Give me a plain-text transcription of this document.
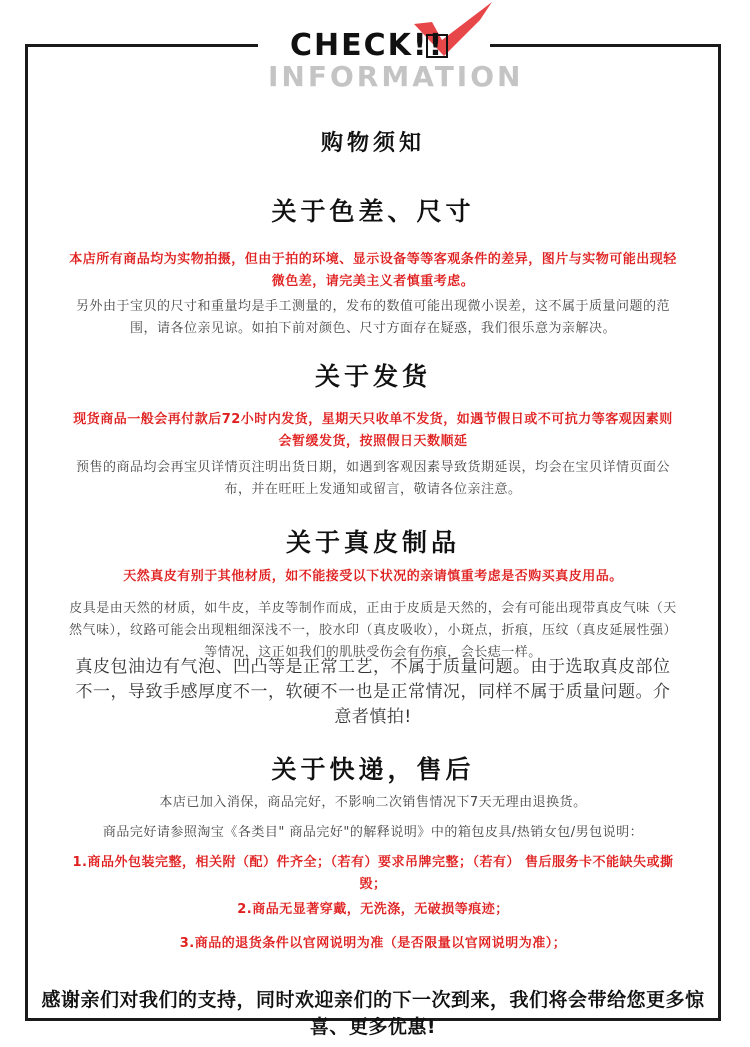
CHECK!!
INFORMATION
购物须知
关于色差、尺寸
本店所有商品均为实物拍摄，但由于拍的环境、显示设备等等客观条件的差异，图片与实物可能出现轻微色差，请完美主义者慎重考虑。
另外由于宝贝的尺寸和重量均是手工测量的，发布的数值可能出现微小误差，这不属于质量问题的范围，请各位亲见谅。如拍下前对颜色、尺寸方面存在疑惑，我们很乐意为亲解决。
关于发货
现货商品一般会再付款后72小时内发货，星期天只收单不发货，如遇节假日或不可抗力等客观因素则会暂缓发货，按照假日天数顺延
预售的商品均会再宝贝详情页注明出货日期，如遇到客观因素导致货期延误，均会在宝贝详情页面公布，并在旺旺上发通知或留言，敬请各位亲注意。
关于真皮制品
天然真皮有别于其他材质，如不能接受以下状况的亲请慎重考虑是否购买真皮用品。
皮具是由天然的材质，如牛皮，羊皮等制作而成，正由于皮质是天然的，会有可能出现带真皮气味（天然气味），纹路可能会出现粗细深浅不一，胶水印（真皮吸收），小斑点，折痕，压纹（真皮延展性强）等情况，这正如我们的肌肤受伤会有伤痕，会长痣一样。
真皮包油边有气泡、凹凸等是正常工艺，不属于质量问题。由于选取真皮部位不一，导致手感厚度不一，软硬不一也是正常情况，同样不属于质量问题。介意者慎拍!
关于快递，售后
本店已加入消保，商品完好，不影响二次销售情况下7天无理由退换货。
商品完好请参照淘宝《各类目" 商品完好"的解释说明》中的箱包皮具/热销女包/男包说明：
1.商品外包装完整，相关附（配）件齐全；（若有）要求吊牌完整；（若有） 售后服务卡不能缺失或撕毁；
2.商品无显著穿戴，无洗涤，无破损等痕迹；
3.商品的退货条件以官网说明为准（是否限量以官网说明为准）；
感谢亲们对我们的支持，同时欢迎亲们的下一次到来，我们将会带给您更多惊喜、更多优惠!
